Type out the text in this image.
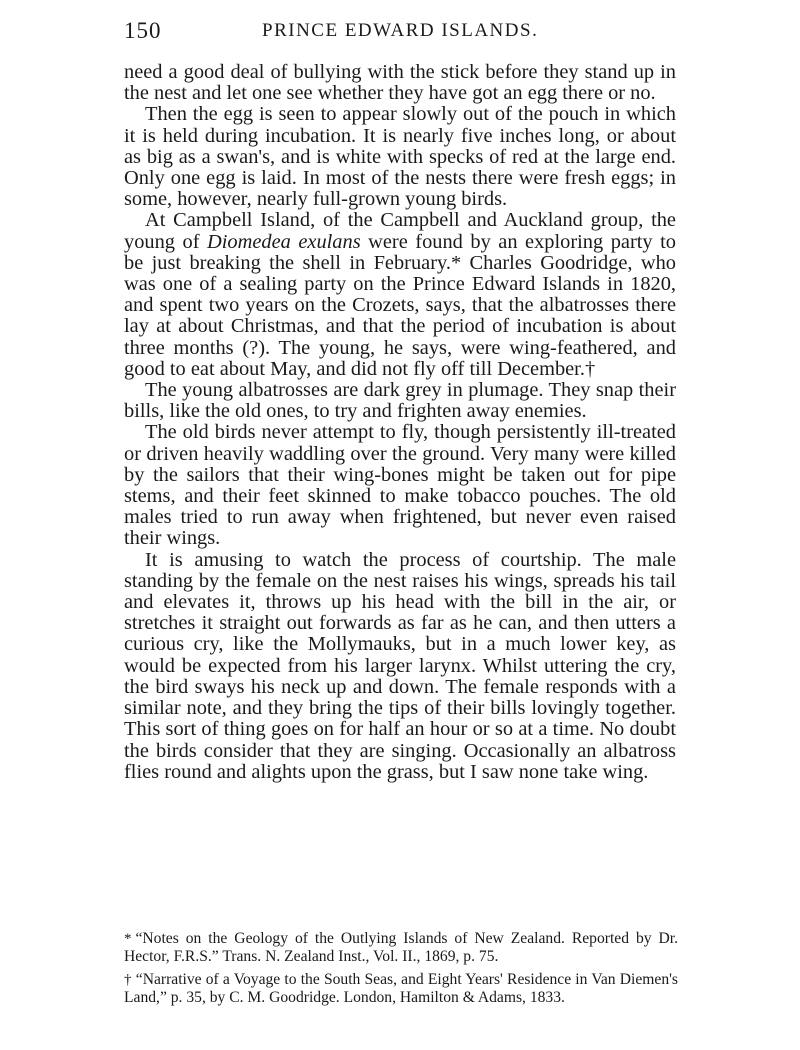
150	PRINCE EDWARD ISLANDS.

need a good deal of bullying with the stick before they stand up in the nest and let one see whether they have got an egg there or no.

Then the egg is seen to appear slowly out of the pouch in which it is held during incubation. It is nearly five inches long, or about as big as a swan's, and is white with specks of red at the large end. Only one egg is laid. In most of the nests there were fresh eggs; in some, however, nearly full-grown young birds.

At Campbell Island, of the Campbell and Auckland group, the young of Diomedea exulans were found by an exploring party to be just breaking the shell in February.* Charles Goodridge, who was one of a sealing party on the Prince Edward Islands in 1820, and spent two years on the Crozets, says, that the albatrosses there lay at about Christmas, and that the period of incubation is about three months (?). The young, he says, were wing-feathered, and good to eat about May, and did not fly off till December.†

The young albatrosses are dark grey in plumage. They snap their bills, like the old ones, to try and frighten away enemies.

The old birds never attempt to fly, though persistently ill-treated or driven heavily waddling over the ground. Very many were killed by the sailors that their wing-bones might be taken out for pipe stems, and their feet skinned to make tobacco pouches. The old males tried to run away when frightened, but never even raised their wings.

It is amusing to watch the process of courtship. The male standing by the female on the nest raises his wings, spreads his tail and elevates it, throws up his head with the bill in the air, or stretches it straight out forwards as far as he can, and then utters a curious cry, like the Mollymauks, but in a much lower key, as would be expected from his larger larynx. Whilst uttering the cry, the bird sways his neck up and down. The female responds with a similar note, and they bring the tips of their bills lovingly together. This sort of thing goes on for half an hour or so at a time. No doubt the birds consider that they are singing. Occasionally an albatross flies round and alights upon the grass, but I saw none take wing.

* “Notes on the Geology of the Outlying Islands of New Zealand. Reported by Dr. Hector, F.R.S.” Trans. N. Zealand Inst., Vol. II., 1869, p. 75.

† “Narrative of a Voyage to the South Seas, and Eight Years' Residence in Van Diemen's Land,” p. 35, by C. M. Goodridge. London, Hamilton & Adams, 1833.
